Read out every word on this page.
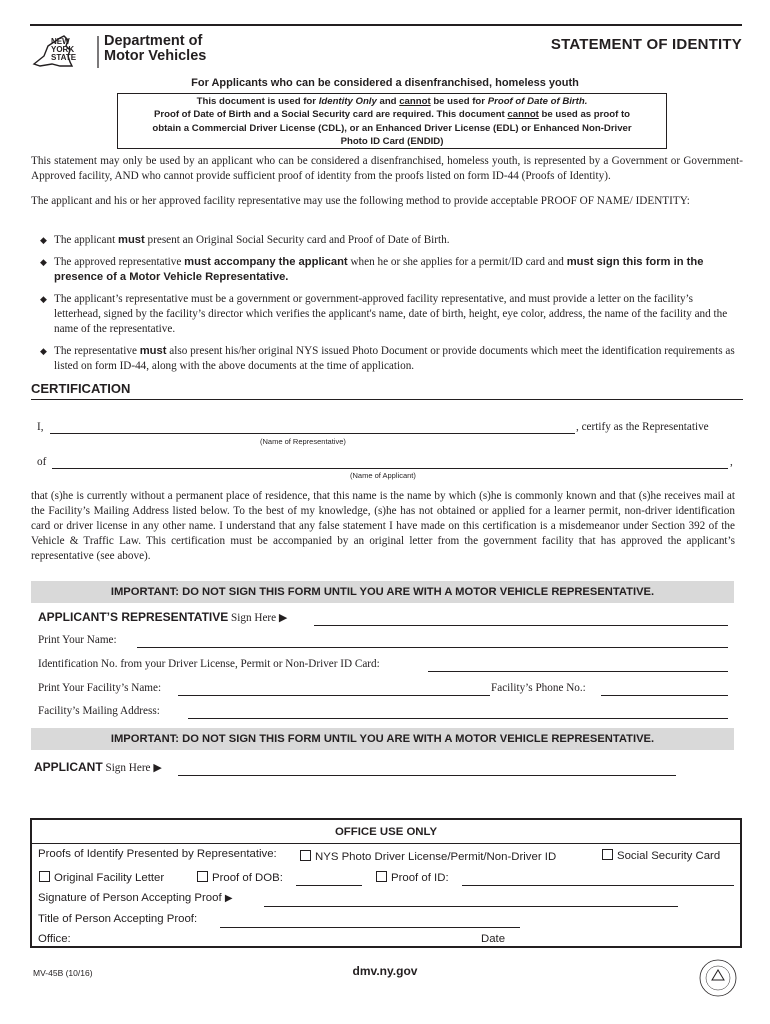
NEW
YORK
STATE
Department of
Motor Vehicles
STATEMENT OF IDENTITY
For Applicants who can be considered a disenfranchised, homeless youth
This document is used for Identity Only and cannot be used for Proof of Date of Birth.
Proof of Date of Birth and a Social Security card are required. This document cannot be used as proof to
obtain a Commercial Driver License (CDL), or an Enhanced Driver License (EDL) or Enhanced Non-Driver
Photo ID Card (ENDID)
This statement may only be used by an applicant who can be considered a disenfranchised, homeless youth, is represented by a Government or Government-Approved facility, AND who cannot provide sufficient proof of identity from the proofs listed on form ID-44 (Proofs of Identity).
The applicant and his or her approved facility representative may use the following method to provide acceptable PROOF OF NAME/ IDENTITY:
◆ The applicant must present an Original Social Security card and Proof of Date of Birth.
◆ The approved representative must accompany the applicant when he or she applies for a permit/ID card and must sign this form in the presence of a Motor Vehicle Representative.
◆ The applicant’s representative must be a government or government-approved facility representative, and must provide a letter on the facility’s letterhead, signed by the facility’s director which verifies the applicant's name, date of birth, height, eye color, address, the name of the facility and the name of the representative.
◆ The representative must also present his/her original NYS issued Photo Document or provide documents which meet the identification requirements as listed on form ID-44, along with the above documents at the time of application.
CERTIFICATION
I,	, certify as the Representative
(Name of Representative)
of	,
(Name of Applicant)
that (s)he is currently without a permanent place of residence, that this name is the name by which (s)he is commonly known and that (s)he receives mail at the Facility’s Mailing Address listed below. To the best of my knowledge, (s)he has not obtained or applied for a learner permit, non-driver identification card or driver license in any other name. I understand that any false statement I have made on this certification is a misdemeanor under Section 392 of the Vehicle & Traffic Law. This certification must be accompanied by an original letter from the government facility that has approved the applicant’s representative (see above).
IMPORTANT: DO NOT SIGN THIS FORM UNTIL YOU ARE WITH A MOTOR VEHICLE REPRESENTATIVE.
APPLICANT’S REPRESENTATIVE Sign Here ▶
Print Your Name:
Identification No. from your Driver License, Permit or Non-Driver ID Card:
Print Your Facility’s Name:	Facility’s Phone No.:
Facility’s Mailing Address:
IMPORTANT: DO NOT SIGN THIS FORM UNTIL YOU ARE WITH A MOTOR VEHICLE REPRESENTATIVE.
APPLICANT Sign Here ▶
OFFICE USE ONLY
Proofs of Identify Presented by Representative:	NYS Photo Driver License/Permit/Non-Driver ID	Social Security Card
Original Facility Letter	Proof of DOB:	Proof of ID:
Signature of Person Accepting Proof ▶
Title of Person Accepting Proof:
Office:	Date
MV-45B (10/16)	dmv.ny.gov
